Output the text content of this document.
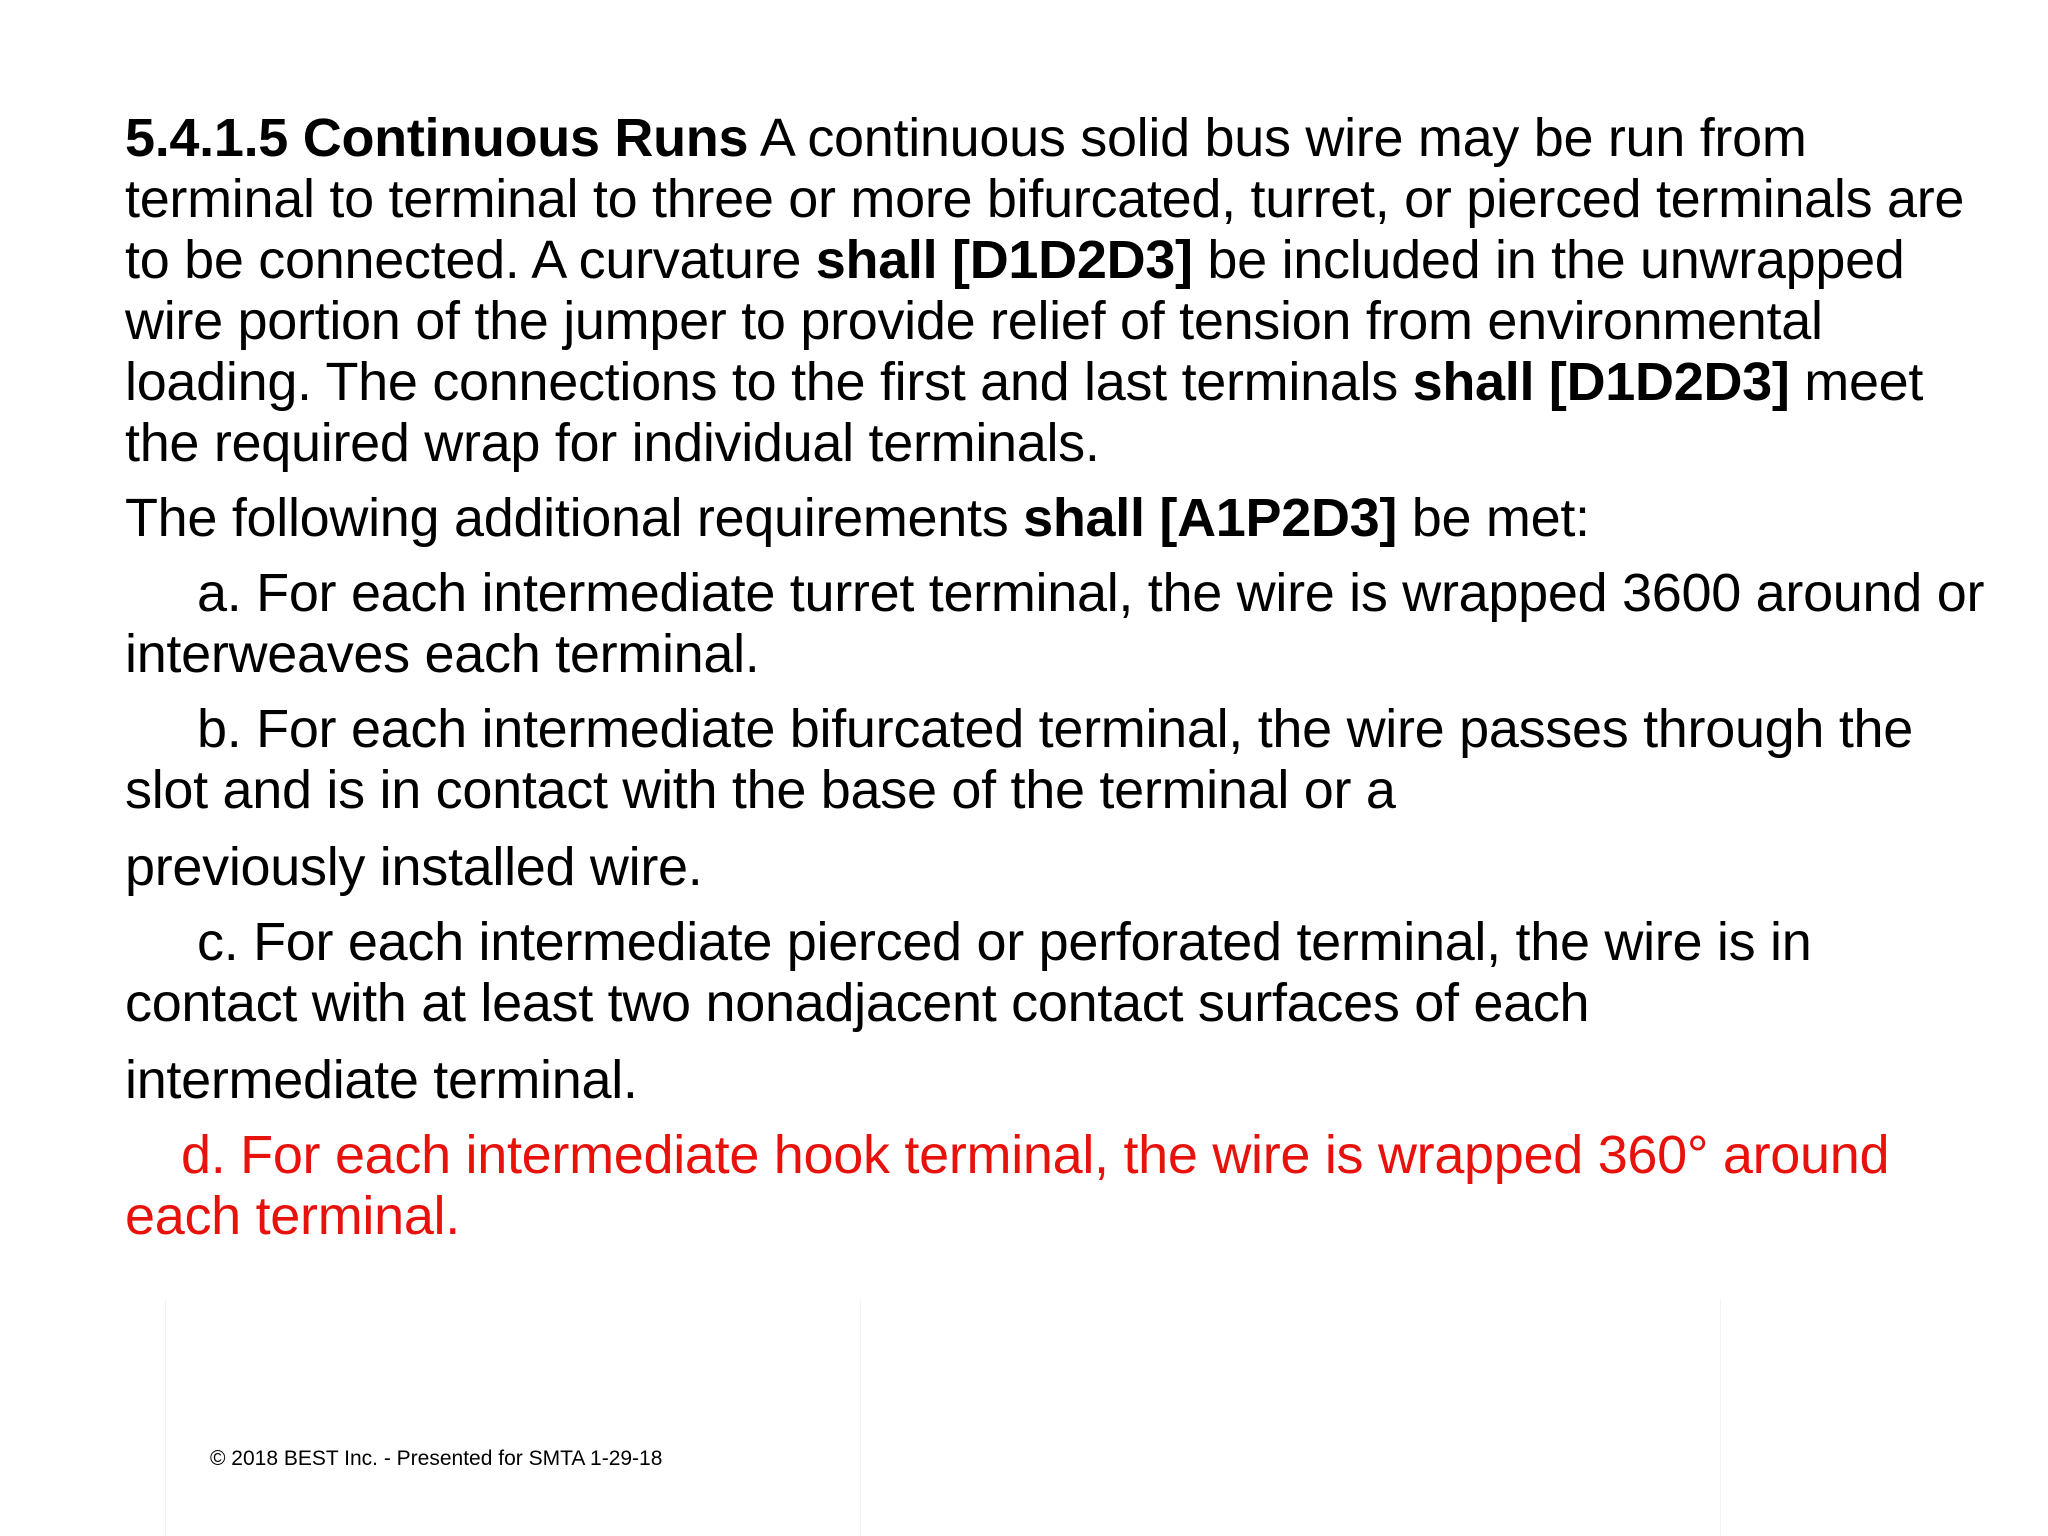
5.4.1.5 Continuous Runs A continuous solid bus wire may be run from terminal to terminal to three or more bifurcated, turret, or pierced terminals are to be connected. A curvature shall [D1D2D3] be included in the unwrapped wire portion of the jumper to provide relief of tension from environmental loading. The connections to the first and last terminals shall [D1D2D3] meet the required wrap for individual terminals.

The following additional requirements shall [A1P2D3] be met:

a. For each intermediate turret terminal, the wire is wrapped 3600 around or interweaves each terminal.

b. For each intermediate bifurcated terminal, the wire passes through the slot and is in contact with the base of the terminal or a
previously installed wire.

c. For each intermediate pierced or perforated terminal, the wire is in contact with at least two nonadjacent contact surfaces of each
intermediate terminal.

d. For each intermediate hook terminal, the wire is wrapped 360° around each terminal.

© 2018 BEST Inc. - Presented for SMTA 1-29-18
